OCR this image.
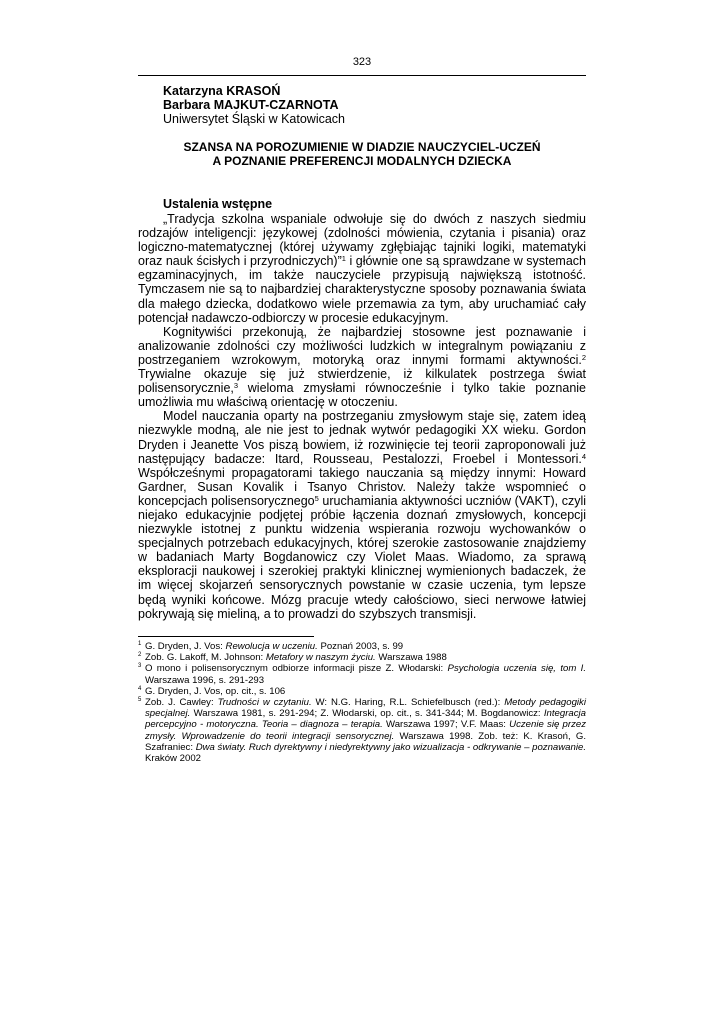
323
Katarzyna KRASOŃ
Barbara MAJKUT-CZARNOTA
Uniwersytet Śląski w Katowicach
SZANSA NA POROZUMIENIE W DIADZIE NAUCZYCIEL-UCZEŃ
A POZNANIE PREFERENCJI MODALNYCH DZIECKA
Ustalenia wstępne

„Tradycja szkolna wspaniale odwołuje się do dwóch z naszych siedmiu rodzajów inteligencji: językowej (zdolności mówienia, czytania i pisania) oraz logiczno-matematycznej (której używamy zgłębiając tajniki logiki, matematyki oraz nauk ścisłych i przyrodniczych)”$^1$ i głównie one są sprawdzane w systemach egzaminacyjnych, im także nauczyciele przypisują największą istotność. Tymczasem nie są to najbardziej charakterystyczne sposoby poznawania świata dla małego dziecka, dodatkowo wiele przemawia za tym, aby uruchamiać cały potencjał nadawczo-odbiorczy w procesie edukacyjnym.

Kognitywiści przekonują, że najbardziej stosowne jest poznawanie i analizowanie zdolności czy możliwości ludzkich w integralnym powiązaniu z postrzeganiem wzrokowym, motoryką oraz innymi formami aktywności.$^2$ Trywialne okazuje się już stwierdzenie, iż kilkulatek postrzega świat polisensorycznie,$^3$ wieloma zmysłami równocześnie i tylko takie poznanie umożliwia mu właściwą orientację w otoczeniu.

Model nauczania oparty na postrzeganiu zmysłowym staje się, zatem ideą niezwykle modną, ale nie jest to jednak wytwór pedagogiki XX wieku. Gordon Dryden i Jeanette Vos piszą bowiem, iż rozwinięcie tej teorii zaproponowali już następujący badacze: Itard, Rousseau, Pestalozzi, Froebel i Montessori.$^4$ Współcześnymi propagatorami takiego nauczania są między innymi: Howard Gardner, Susan Kovalik i Tsanyo Christov. Należy także wspomnieć o koncepcjach polisensorycznego$^5$ uruchamiania aktywności uczniów (VAKT), czyli niejako edukacyjnie podjętej próbie łączenia doznań zmysłowych, koncepcji niezwykle istotnej z punktu widzenia wspierania rozwoju wychowanków o specjalnych potrzebach edukacyjnych, której szerokie zastosowanie znajdziemy w badaniach Marty Bogdanowicz czy Violet Maas. Wiadomo, za sprawą eksploracji naukowej i szerokiej praktyki klinicznej wymienionych badaczek, że im więcej skojarzeń sensorycznych powstanie w czasie uczenia, tym lepsze będą wyniki końcowe. Mózg pracuje wtedy całościowo, sieci nerwowe łatwiej pokrywają się mieliną, a to prowadzi do szybszych transmisji.

1 G. Dryden, J. Vos: Rewolucja w uczeniu. Poznań 2003, s. 99
2 Zob. G. Lakoff, M. Johnson: Metafory w naszym życiu. Warszawa 1988
3 O mono i polisensorycznym odbiorze informacji pisze Z. Włodarski: Psychologia uczenia się, tom I. Warszawa 1996, s. 291-293
4 G. Dryden, J. Vos, op. cit., s. 106
5 Zob. J. Cawley: Trudności w czytaniu. W: N.G. Haring, R.L. Schiefelbusch (red.): Metody pedagogiki specjalnej. Warszawa 1981, s. 291-294; Z. Włodarski, op. cit., s. 341-344; M. Bogdanowicz: Integracja percepcyjno - motoryczna. Teoria – diagnoza – terapia. Warszawa 1997; V.F. Maas: Uczenie się przez zmysły. Wprowadzenie do teorii integracji sensorycznej. Warszawa 1998. Zob. też: K. Krasoń, G. Szafraniec: Dwa światy. Ruch dyrektywny i niedyrektywny jako wizualizacja - odkrywanie – poznawanie. Kraków 2002
